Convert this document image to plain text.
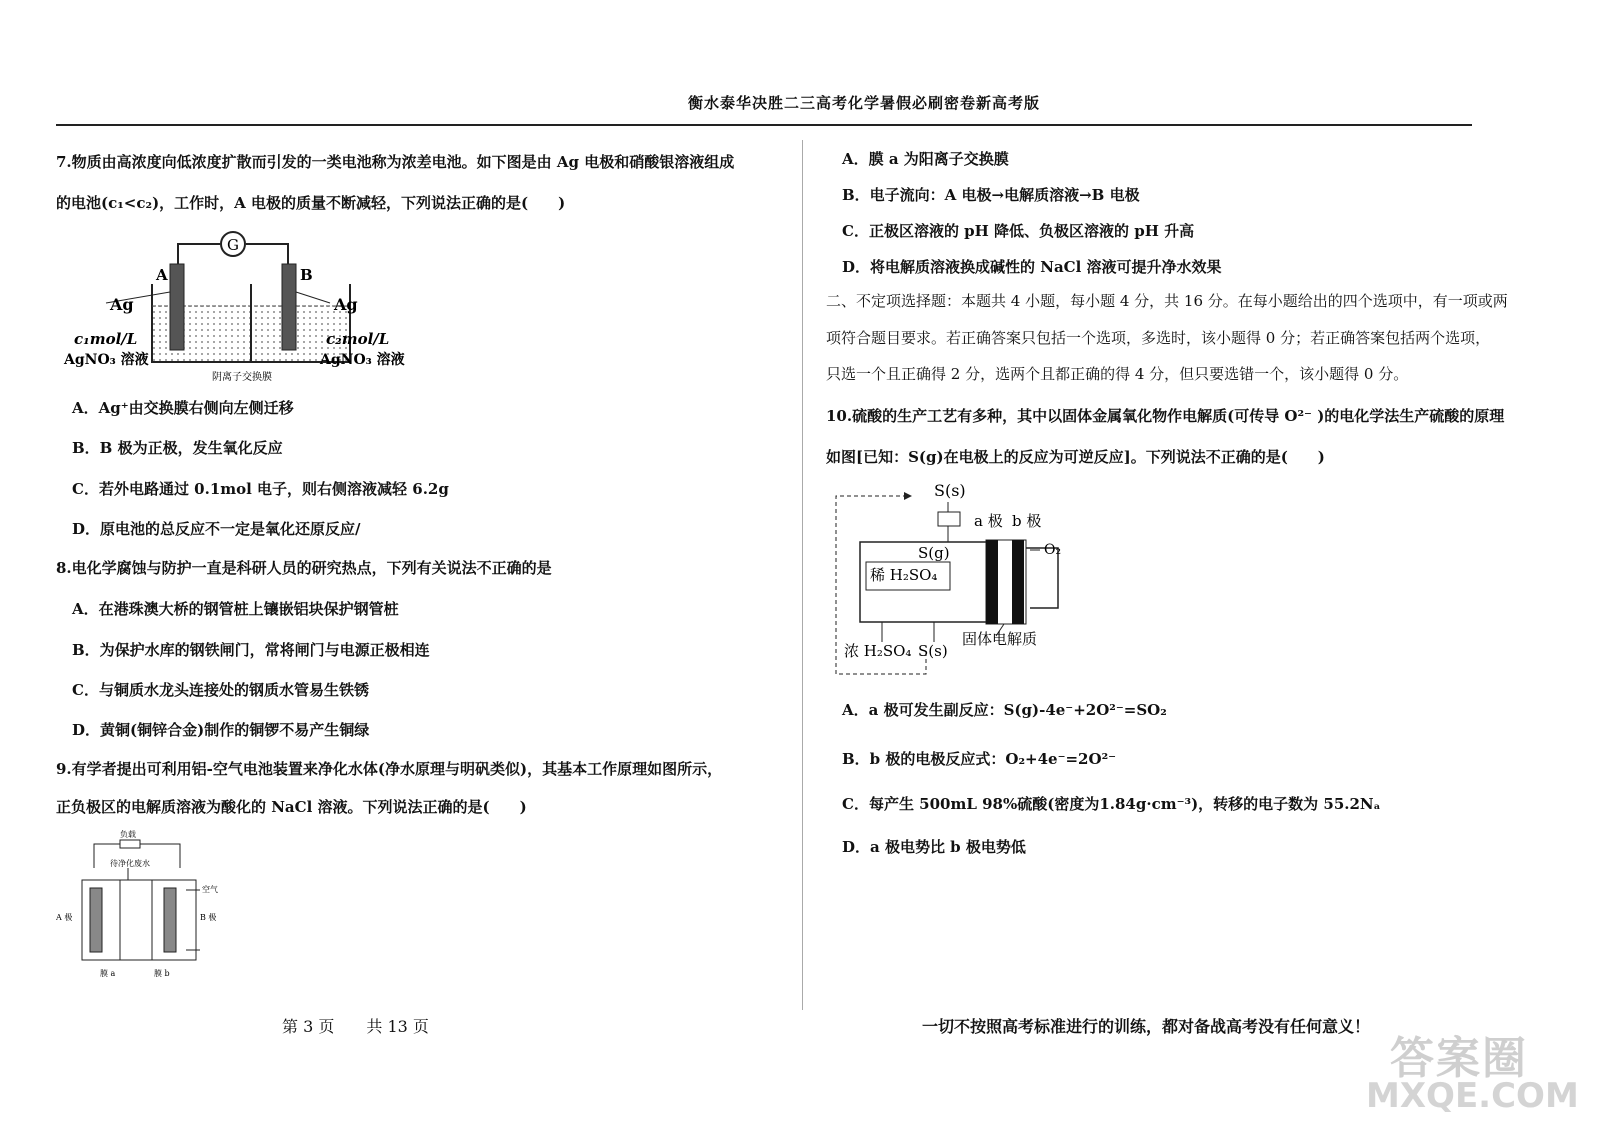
衡水泰华决胜二三高考化学暑假必刷密卷新高考版
7.物质由高浓度向低浓度扩散而引发的一类电池称为浓差电池。如下图是由 Ag 电极和硝酸银溶液组成
的电池(c₁<c₂)，工作时，A 电极的质量不断减轻，下列说法正确的是(　　)
G
A	B
Ag	Ag
c₁mol/L	c₂mol/L
AgNO₃ 溶液	AgNO₃ 溶液
阴离子交换膜
A．Ag⁺由交换膜右侧向左侧迁移
B．B 极为正极，发生氧化反应
C．若外电路通过 0.1mol 电子，则右侧溶液减轻 6.2g
D．原电池的总反应不一定是氧化还原反应/
8.电化学腐蚀与防护一直是科研人员的研究热点，下列有关说法不正确的是
A．在港珠澳大桥的钢管桩上镶嵌铝块保护钢管桩
B．为保护水库的钢铁闸门，常将闸门与电源正极相连
C．与铜质水龙头连接处的钢质水管易生铁锈
D．黄铜(铜锌合金)制作的铜锣不易产生铜绿
9.有学者提出可利用铝-空气电池装置来净化水体(净水原理与明矾类似)，其基本工作原理如图所示，
正负极区的电解质溶液为酸化的 NaCl 溶液。下列说法正确的是(　　)
负载
待净化废水
A 极	B 极
空气
膜 a	膜 b
A．膜 a 为阳离子交换膜
B．电子流向：A 电极→电解质溶液→B 电极
C．正极区溶液的 pH 降低、负极区溶液的 pH 升高
D．将电解质溶液换成碱性的 NaCl 溶液可提升净水效果
二、不定项选择题：本题共 4 小题，每小题 4 分，共 16 分。在每小题给出的四个选项中，有一项或两
项符合题目要求。若正确答案只包括一个选项，多选时，该小题得 0 分；若正确答案包括两个选项，
只选一个且正确得 2 分，选两个且都正确的得 4 分，但只要选错一个，该小题得 0 分。
10.硫酸的生产工艺有多种，其中以固体金属氧化物作电解质(可传导 O²⁻ )的电化学法生产硫酸的原理
如图[已知：S(g)在电极上的反应为可逆反应]。下列说法不正确的是(　　)
S(s)
S(g)
a 极 b 极
O₂
稀 H₂SO₄
浓 H₂SO₄ S(s)
固体电解质
A．a 极可发生副反应：S(g)-4e⁻+2O²⁻=SO₂
B．b 极的电极反应式：O₂+4e⁻=2O²⁻
C．每产生 500mL 98%硫酸(密度为1.84g·cm⁻³)，转移的电子数为 55.2Nₐ
D．a 极电势比 b 极电势低
第 3 页　　共 13 页	一切不按照高考标准进行的训练，都对备战高考没有任何意义！
答案圈
MXQE.COM
